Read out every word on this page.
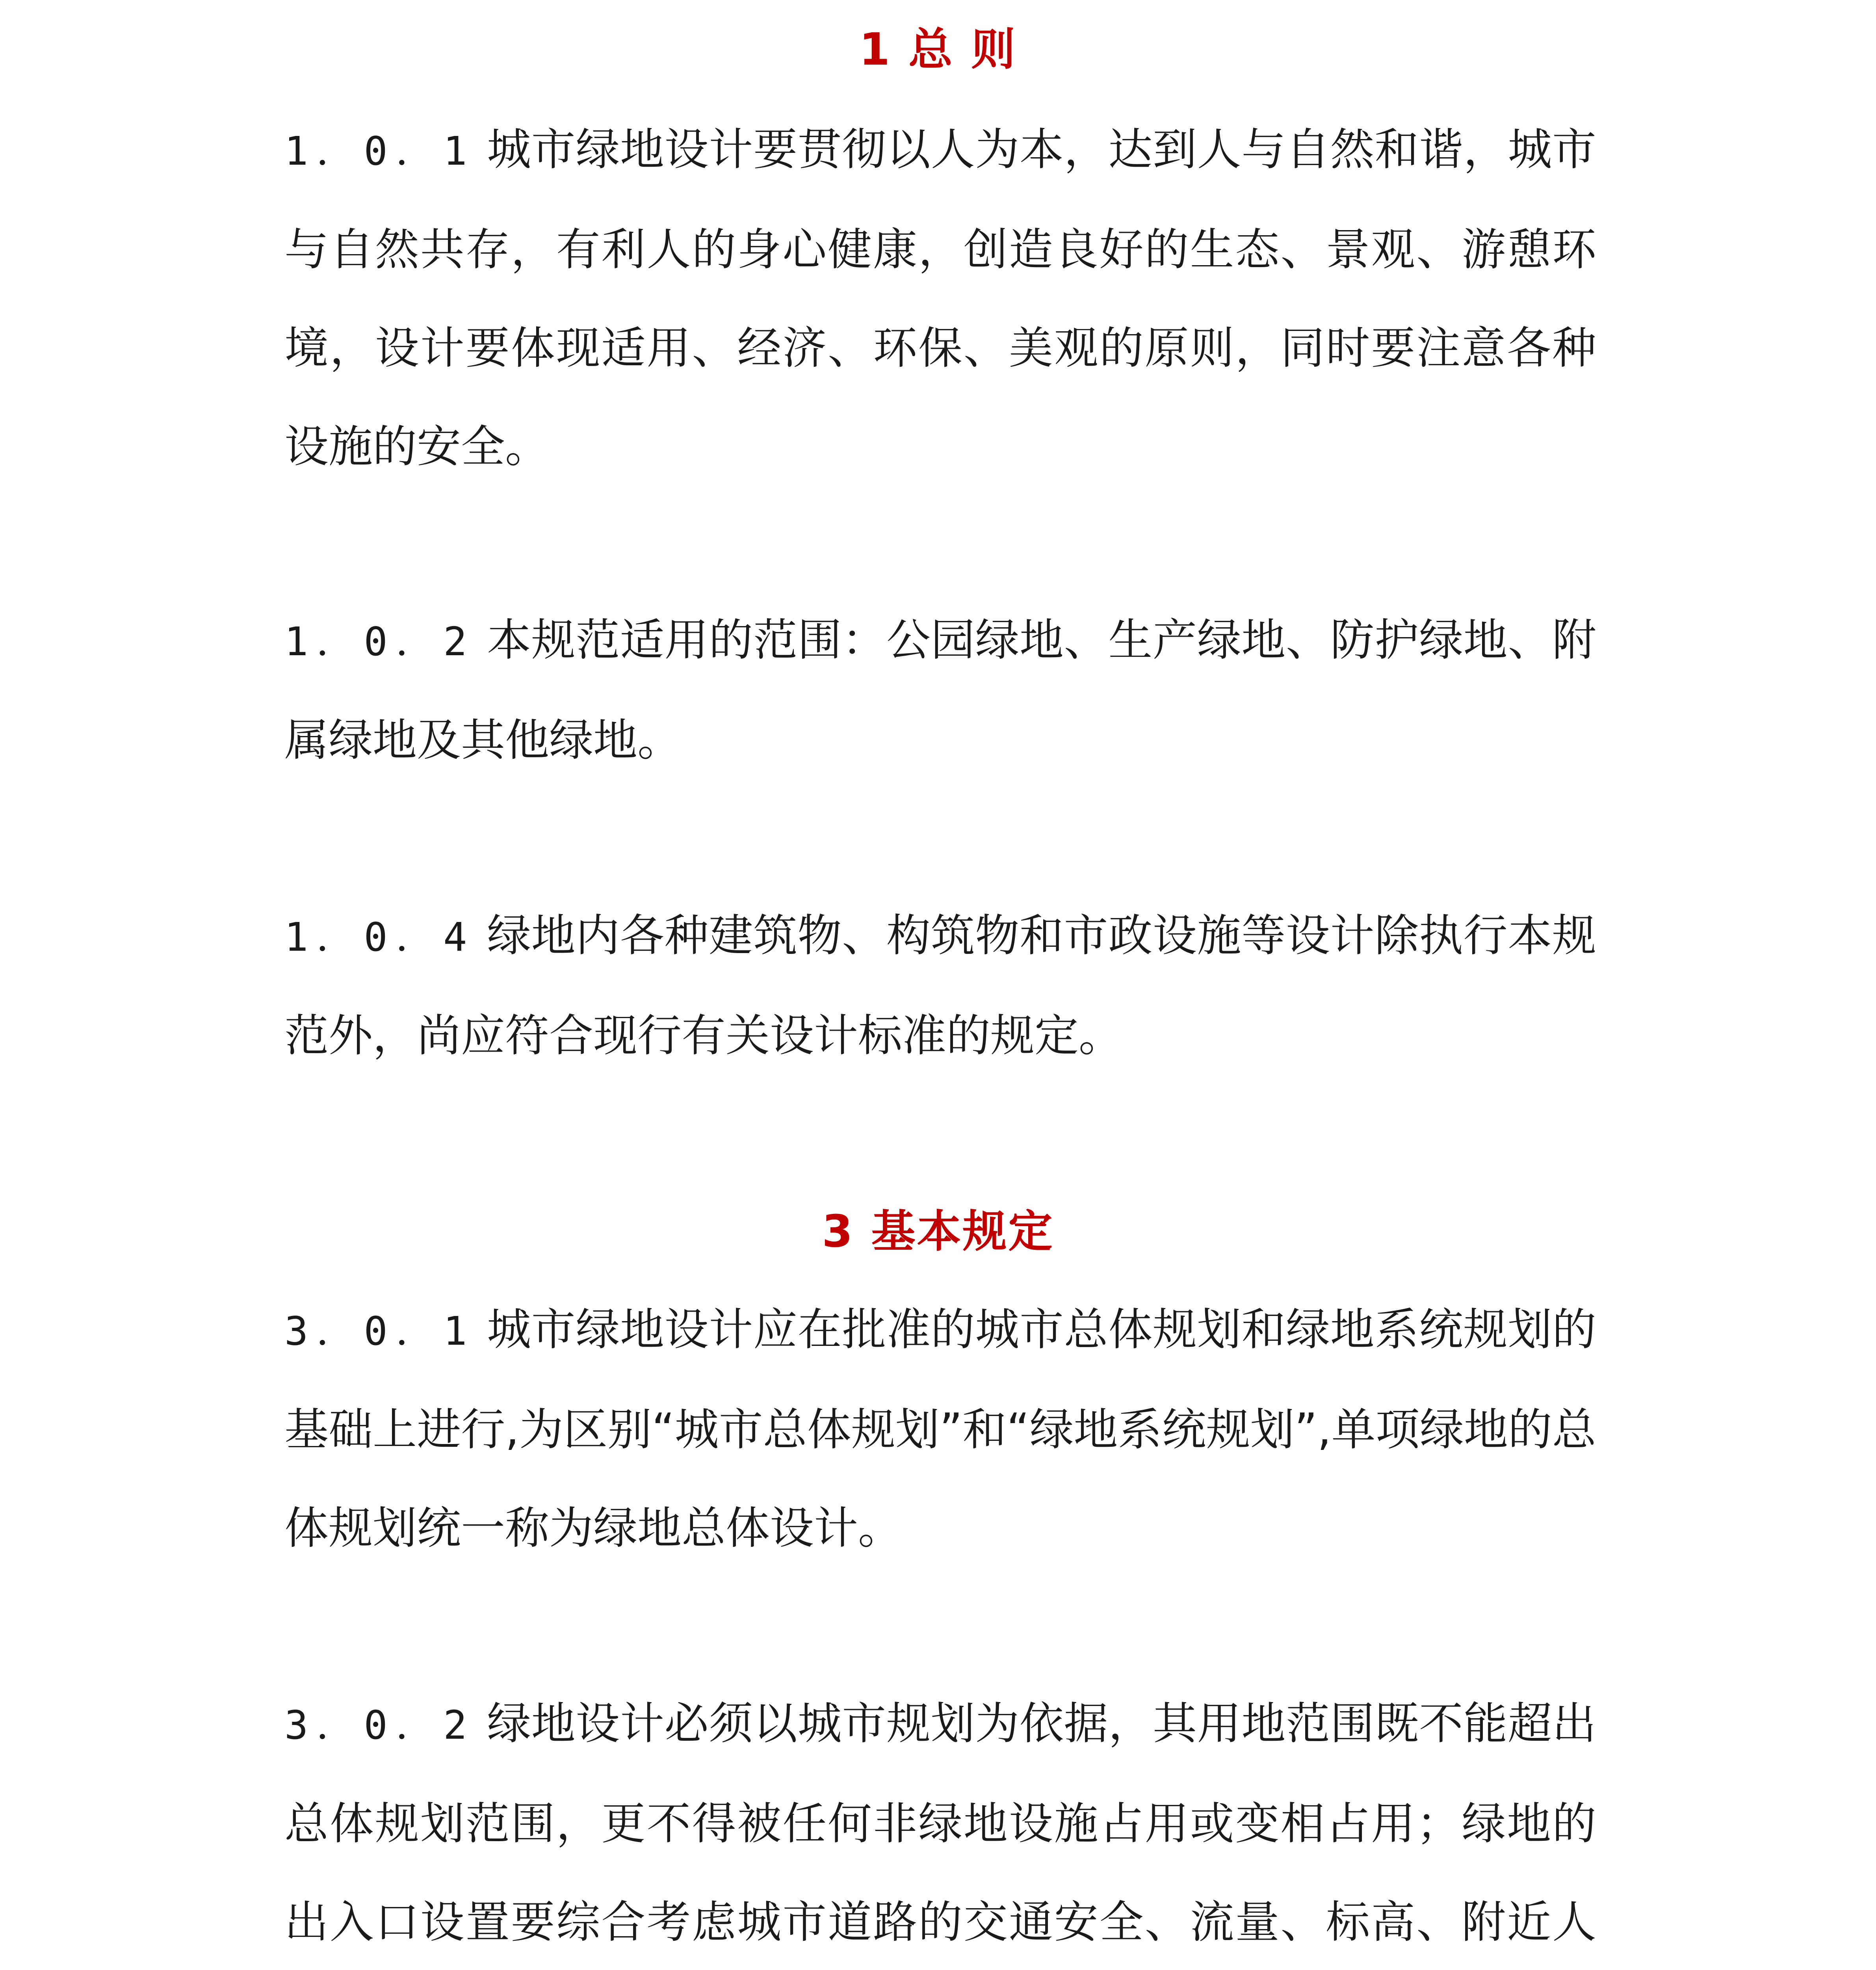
1 总 则
1．0．1 城市绿地设计要贯彻以人为本，达到人与自然和谐，城市与自然共存，有利人的身心健康，创造良好的生态、景观、游憩环境，设计要体现适用、经济、环保、美观的原则，同时要注意各种设施的安全。
1．0．2 本规范适用的范围：公园绿地、生产绿地、防护绿地、附属绿地及其他绿地。
1．0．4 绿地内各种建筑物、构筑物和市政设施等设计除执行本规范外，尚应符合现行有关设计标准的规定。
3 基本规定
3．0．1 城市绿地设计应在批准的城市总体规划和绿地系统规划的基础上进行,为区别“城市总体规划”和“绿地系统规划”,单项绿地的总体规划统一称为绿地总体设计。
3．0．2 绿地设计必须以城市规划为依据，其用地范围既不能超出总体规划范围，更不得被任何非绿地设施占用或变相占用；绿地的出入口设置要综合考虑城市道路的交通安全、流量、标高、附近人
